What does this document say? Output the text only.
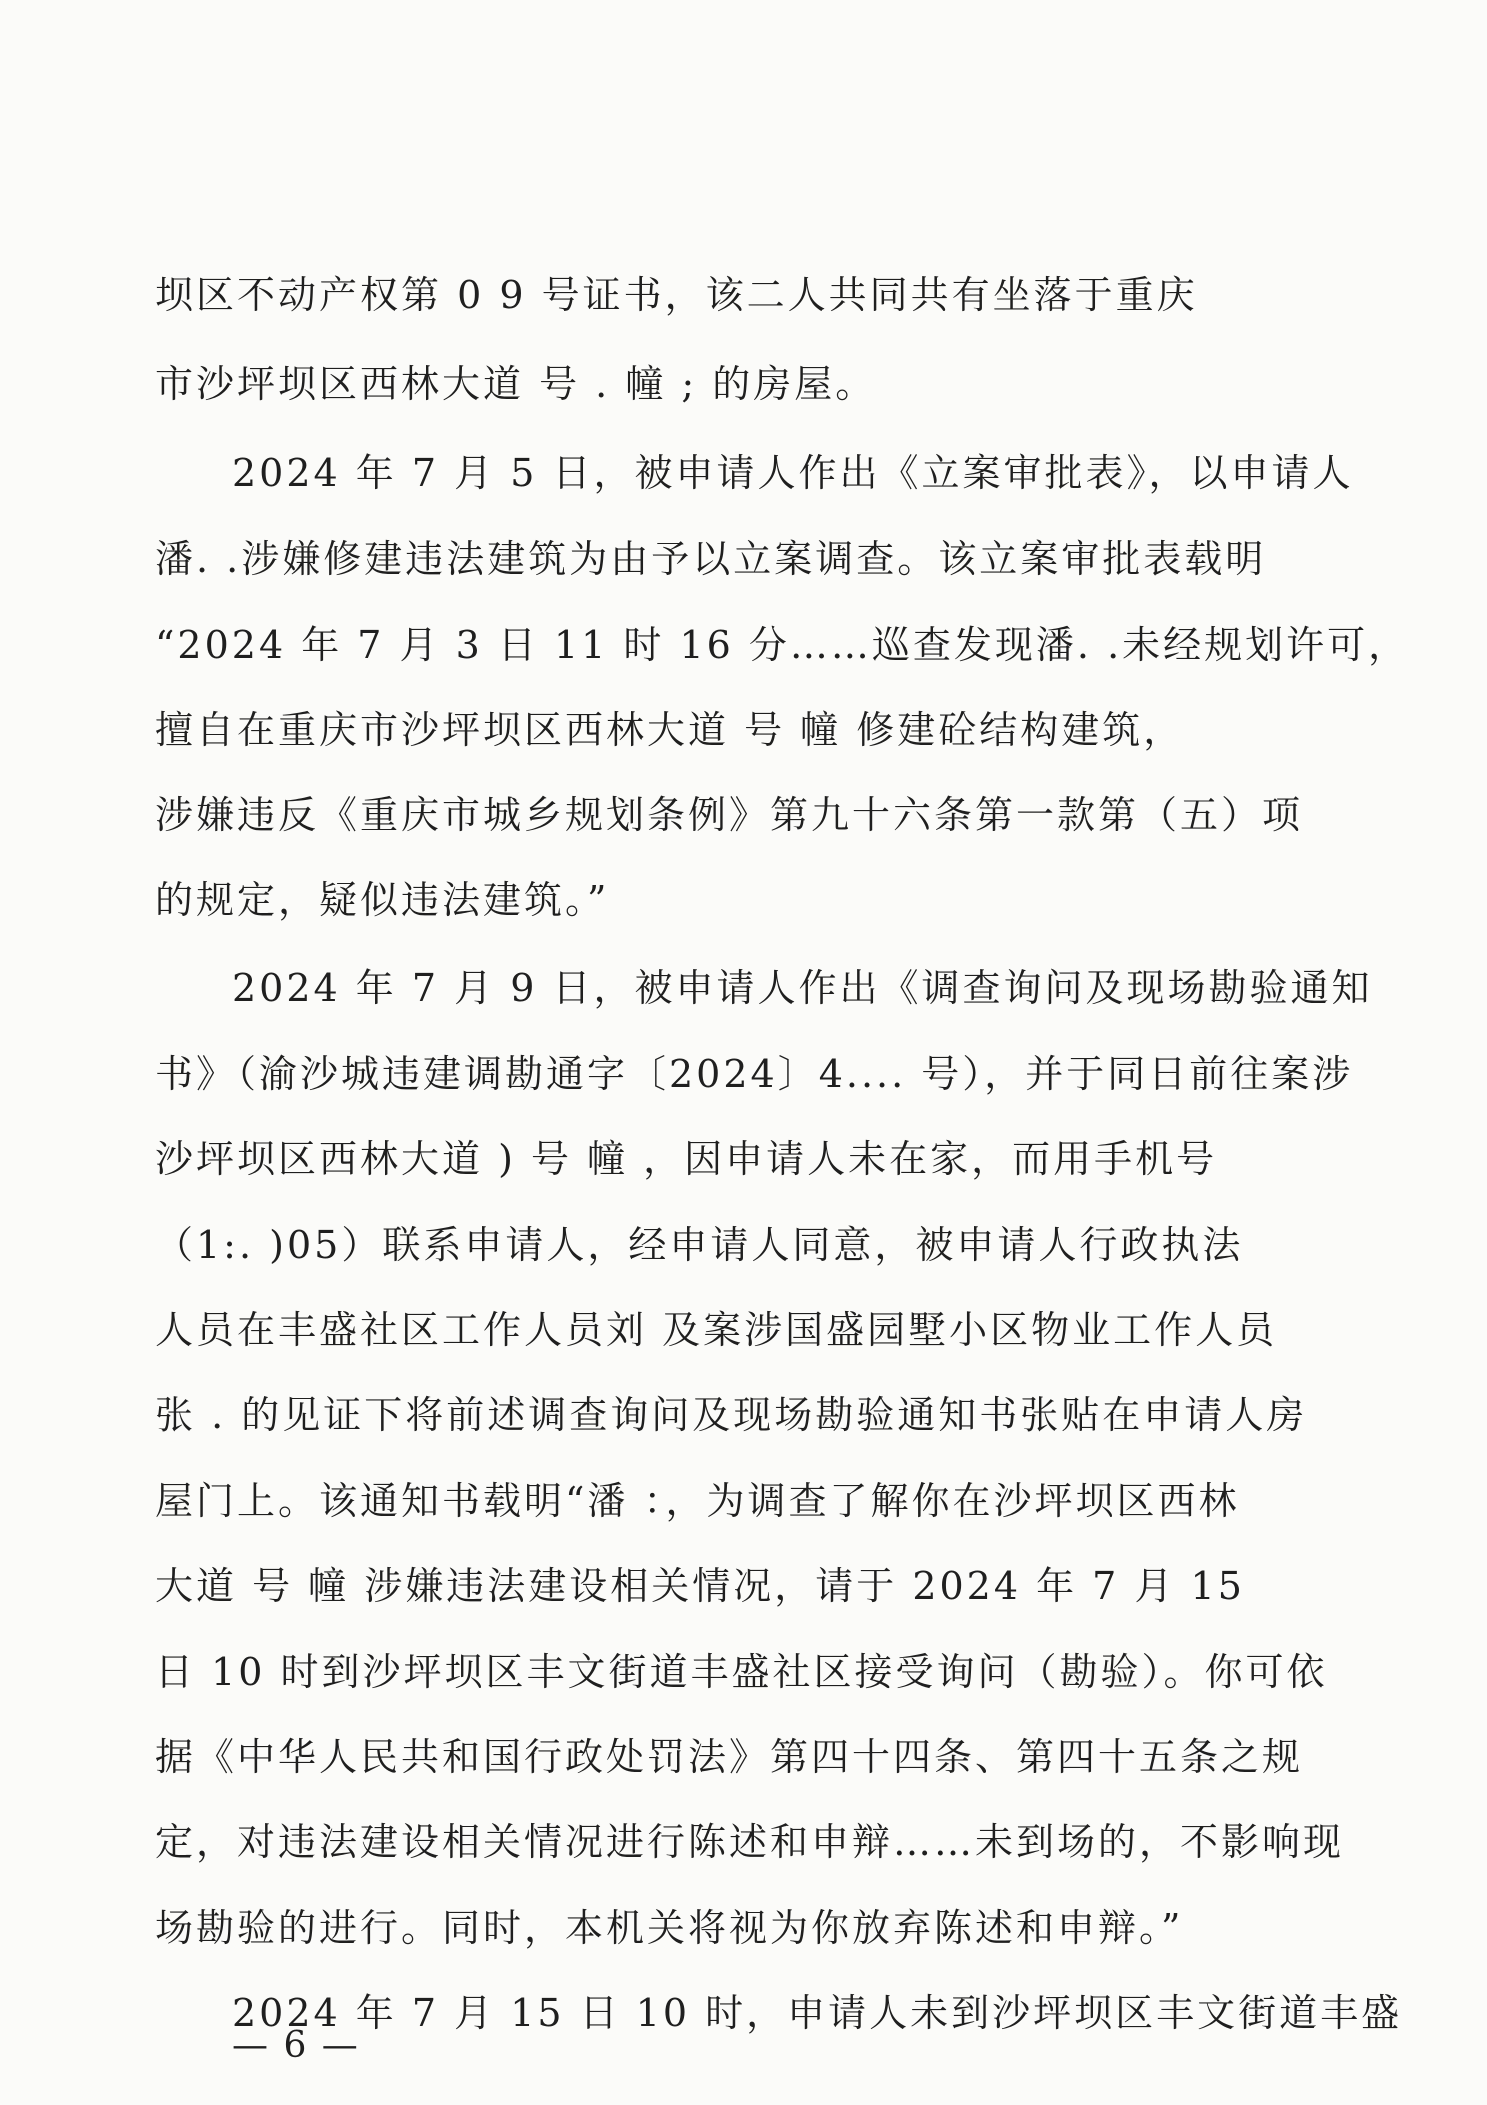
坝区不动产权第 0 9 号证书，该二人共同共有坐落于重庆
市沙坪坝区西林大道 号 . 幢 ; 的房屋。
2024 年 7 月 5 日，被申请人作出《立案审批表》，以申请人
潘. .涉嫌修建违法建筑为由予以立案调查。该立案审批表载明
“2024 年 7 月 3 日 11 时 16 分……巡查发现潘. .未经规划许可，
擅自在重庆市沙坪坝区西林大道 号 幢 修建砼结构建筑，
涉嫌违反《重庆市城乡规划条例》第九十六条第一款第（五）项
的规定，疑似违法建筑。”
2024 年 7 月 9 日，被申请人作出《调查询问及现场勘验通知
书》（渝沙城违建调勘通字〔2024〕4.... 号），并于同日前往案涉
沙坪坝区西林大道 ) 号 幢 ，因申请人未在家，而用手机号
（1:. )05）联系申请人，经申请人同意，被申请人行政执法
人员在丰盛社区工作人员刘 及案涉国盛园墅小区物业工作人员
张 . 的见证下将前述调查询问及现场勘验通知书张贴在申请人房
屋门上。该通知书载明“潘 ：，为调查了解你在沙坪坝区西林
大道 号 幢 涉嫌违法建设相关情况，请于 2024 年 7 月 15
日 10 时到沙坪坝区丰文街道丰盛社区接受询问（勘验）。你可依
据《中华人民共和国行政处罚法》第四十四条、第四十五条之规
定，对违法建设相关情况进行陈述和申辩……未到场的，不影响现
场勘验的进行。同时，本机关将视为你放弃陈述和申辩。”
2024 年 7 月 15 日 10 时，申请人未到沙坪坝区丰文街道丰盛
— 6 —
